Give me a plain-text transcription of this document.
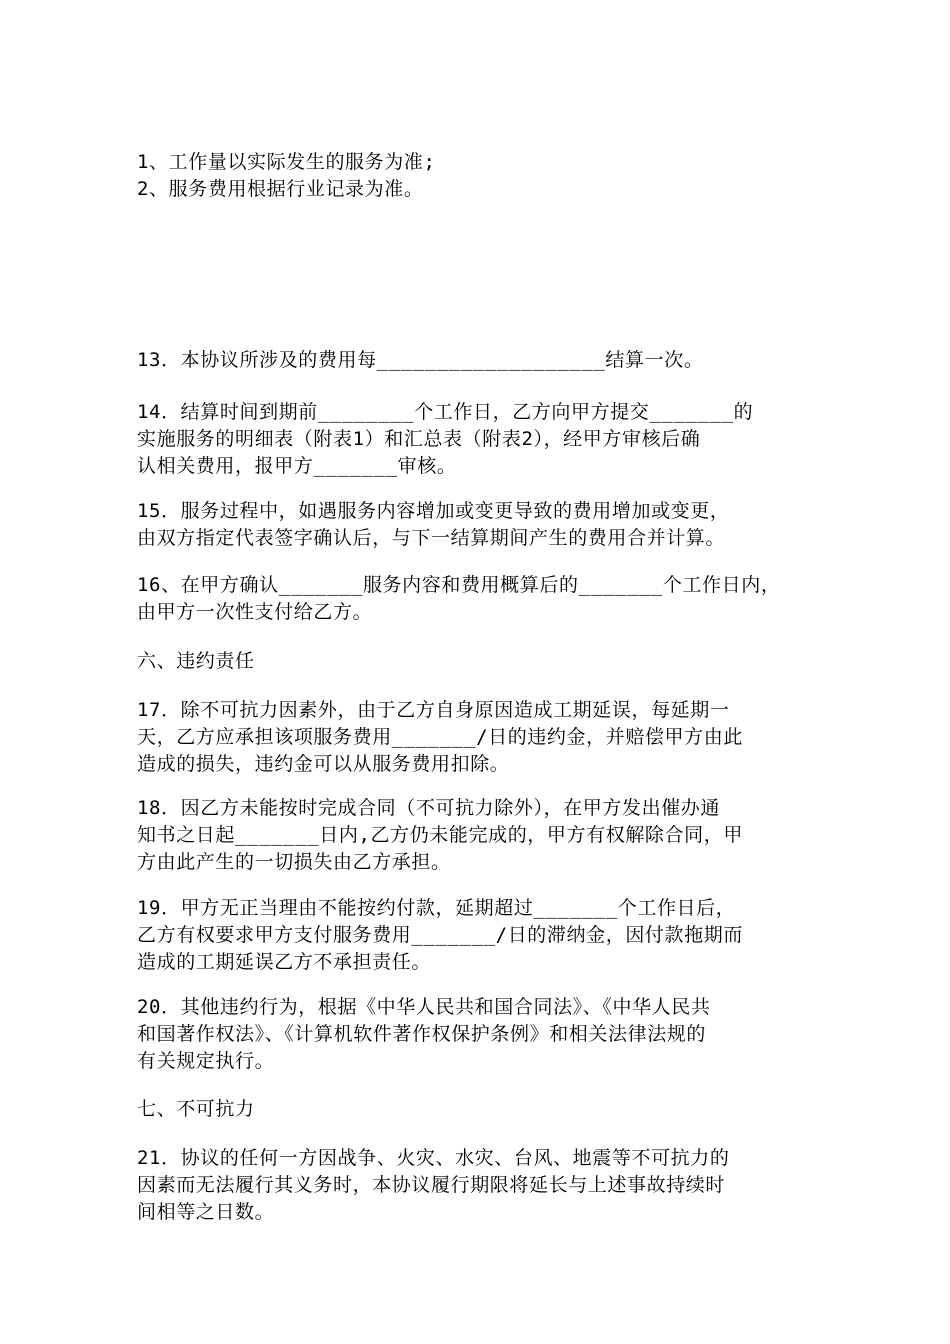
1、工作量以实际发生的服务为准;
2、服务费用根据行业记录为准。
13．本协议所涉及的费用每___________________结算一次。
14．结算时间到期前________个工作日，乙方向甲方提交_______的
实施服务的明细表（附表1）和汇总表（附表2），经甲方审核后确
认相关费用，报甲方_______审核。
15．服务过程中，如遇服务内容增加或变更导致的费用增加或变更，
由双方指定代表签字确认后，与下一结算期间产生的费用合并计算。
16、在甲方确认_______服务内容和费用概算后的_______个工作日内，
由甲方一次性支付给乙方。
六、违约责任
17．除不可抗力因素外，由于乙方自身原因造成工期延误，每延期一
天，乙方应承担该项服务费用_______/日的违约金，并赔偿甲方由此
造成的损失，违约金可以从服务费用扣除。
18．因乙方未能按时完成合同（不可抗力除外），在甲方发出催办通
知书之日起_______日内,乙方仍未能完成的，甲方有权解除合同，甲
方由此产生的一切损失由乙方承担。
19．甲方无正当理由不能按约付款，延期超过_______个工作日后，
乙方有权要求甲方支付服务费用_______/日的滞纳金，因付款拖期而
造成的工期延误乙方不承担责任。
20．其他违约行为，根据《中华人民共和国合同法》、《中华人民共
和国著作权法》、《计算机软件著作权保护条例》和相关法律法规的
有关规定执行。
七、不可抗力
21．协议的任何一方因战争、火灾、水灾、台风、地震等不可抗力的
因素而无法履行其义务时，本协议履行期限将延长与上述事故持续时
间相等之日数。
